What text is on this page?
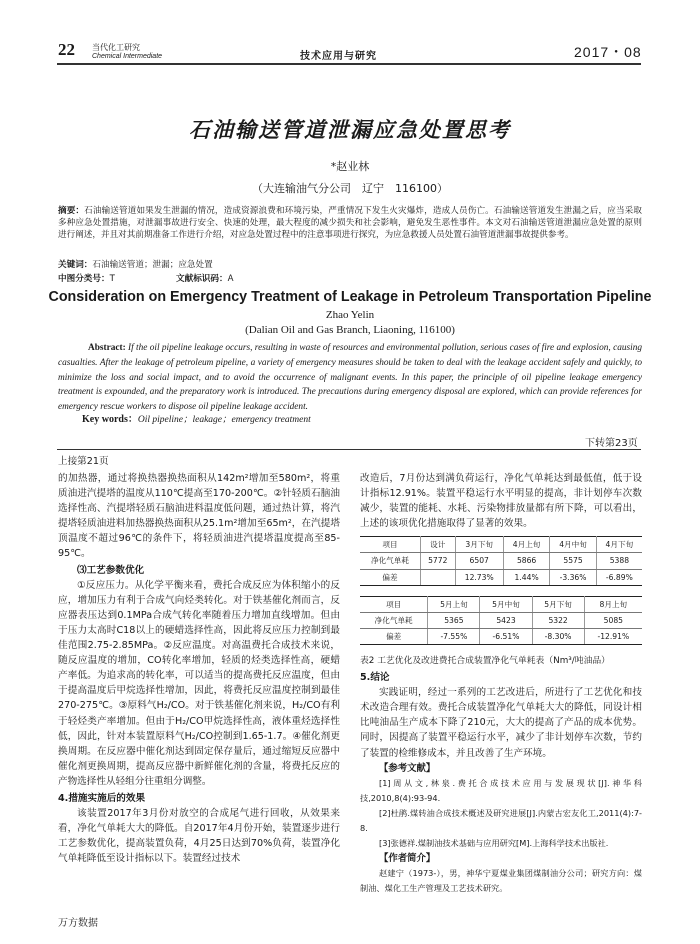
22 当代化工研究
Chemical Intermediate	技术应用与研究	2017・08
石油输送管道泄漏应急处置思考
*赵业林
（大连输油气分公司　辽宁　116100）
摘要：石油输送管道如果发生泄漏的情况，造成资源浪费和环境污染，严重情况下发生火灾爆炸，造成人员伤亡。石油输送管道发生泄漏之后，应当采取多种应急处置措施，对泄漏事故进行安全、快速的处理，最大程度的减少损失和社会影响，避免发生恶性事件。本文对石油输送管道泄漏应急处置的原则进行阐述，并且对其前期准备工作进行介绍，对应急处置过程中的注意事项进行探究，为应急救援人员处置石油管道泄漏事故提供参考。
关键词：石油输送管道；泄漏；应急处置
中图分类号：T	文献标识码：A
Consideration on Emergency Treatment of Leakage in Petroleum Transportation Pipeline
Zhao Yelin
(Dalian Oil and Gas Branch, Liaoning, 116100)
Abstract: If the oil pipeline leakage occurs, resulting in waste of resources and environmental pollution, serious cases of fire and explosion, causing casualties. After the leakage of petroleum pipeline, a variety of emergency measures should be taken to deal with the leakage accident safely and quickly, to minimize the loss and social impact, and to avoid the occurrence of malignant events. In this paper, the principle of oil pipeline leakage emergency treatment is expounded, and the preparatory work is introduced. The precautions during emergency disposal are explored, which can provide references for emergency rescue workers to dispose oil pipeline leakage accident.
Key words：Oil pipeline；leakage；emergency treatment
下转第23页
上接第21页

的加热器，通过将换热器换热面积从142m²增加至580m²，将重质油进汽提塔的温度从110℃提高至170-200℃。②针轻质石脑油选择性高、汽提塔轻质石脑油进料温度低问题，通过热计算，将汽提塔轻质油进料加热器换热面积从25.1m²增加至65m²，在汽提塔顶温度不超过96℃的条件下，将轻质油进汽提塔温度提高至85-95℃。

⑶工艺参数优化

①反应压力。从化学平衡来看，费托合成反应为体积缩小的反应，增加压力有利于合成气向烃类转化。对于铁基催化剂而言，反应器表压达到0.1MPa合成气转化率随着压力增加直线增加。但由于压力太高时C18以上的硬蜡选择性高，因此将反应压力控制到最佳范围2.75-2.85MPa。②反应温度。对高温费托合成技术来说，随反应温度的增加，CO转化率增加，轻质的烃类选择性高，硬蜡产率低。为追求高的转化率，可以适当的提高费托反应温度，但由于提高温度后甲烷选择性增加，因此，将费托反应温度控制到最佳270-275℃。③原料气H₂/CO。对于铁基催化剂来说，H₂/CO有利于轻烃类产率增加。但由于H₂/CO甲烷选择性高，液体重烃选择性低，因此，针对本装置原料气H₂/CO控制到1.65-1.7。④催化剂更换周期。在反应器中催化剂达到固定保存量后，通过缩短反应器中催化剂更换周期，提高反应器中新鲜催化剂的含量，将费托反应的产物选择性从轻组分往重组分调整。

4.措施实施后的效果

该装置2017年3月份对放空的合成尾气进行回收，从效果来看，净化气单耗大大的降低。自2017年4月份开始，装置逐步进行工艺参数优化，提高装置负荷，4月25日达到70%负荷，装置净化气单耗降低至设计指标以下。装置经过技术

改造后，7月份达到满负荷运行，净化气单耗达到最低值，低于设计指标12.91%。装置平稳运行水平明显的提高，非计划停车次数减少，装置的能耗、水耗、污染物排放量都有所下降，可以看出，上述的该项优化措施取得了显著的效果。

项目	设计	3月下旬	4月上旬	4月中旬	4月下旬
净化气单耗	5772	6507	5866	5575	5388
偏差		12.73%	1.44%	-3.36%	-6.89%
项目	5月上旬	5月中旬	5月下旬	8月上旬
净化气单耗	5365	5423	5322	5085
偏差	-7.55%	-6.51%	-8.30%	-12.91%
表2 工艺优化及改进费托合成装置净化气单耗表（Nm³/吨油品）
5.结论

实践证明，经过一系列的工艺改进后，所进行了工艺优化和技术改造合理有效。费托合成装置净化气单耗大大的降低，同设计相比吨油品生产成本下降了210元，大大的提高了产品的成本优势。同时，因提高了装置平稳运行水平，减少了非计划停车次数，节约了装置的检维修成本，并且改善了生产环境。

【参考文献】

[1]周从文,林泉.费托合成技术应用与发展现状[J].神华科技,2010,8(4):93-94.

[2]杜鹃.煤转油合成技术概述及研究进展[J].内蒙古宏友化工,2011(4):7-8.

[3]张德祥.煤制油技术基础与应用研究[M].上海科学技术出版社.

【作者简介】

赵建宁（1973-），男，神华宁夏煤业集团煤制油分公司；研究方向：煤制油、煤化工生产管理及工艺技术研究。

万方数据
